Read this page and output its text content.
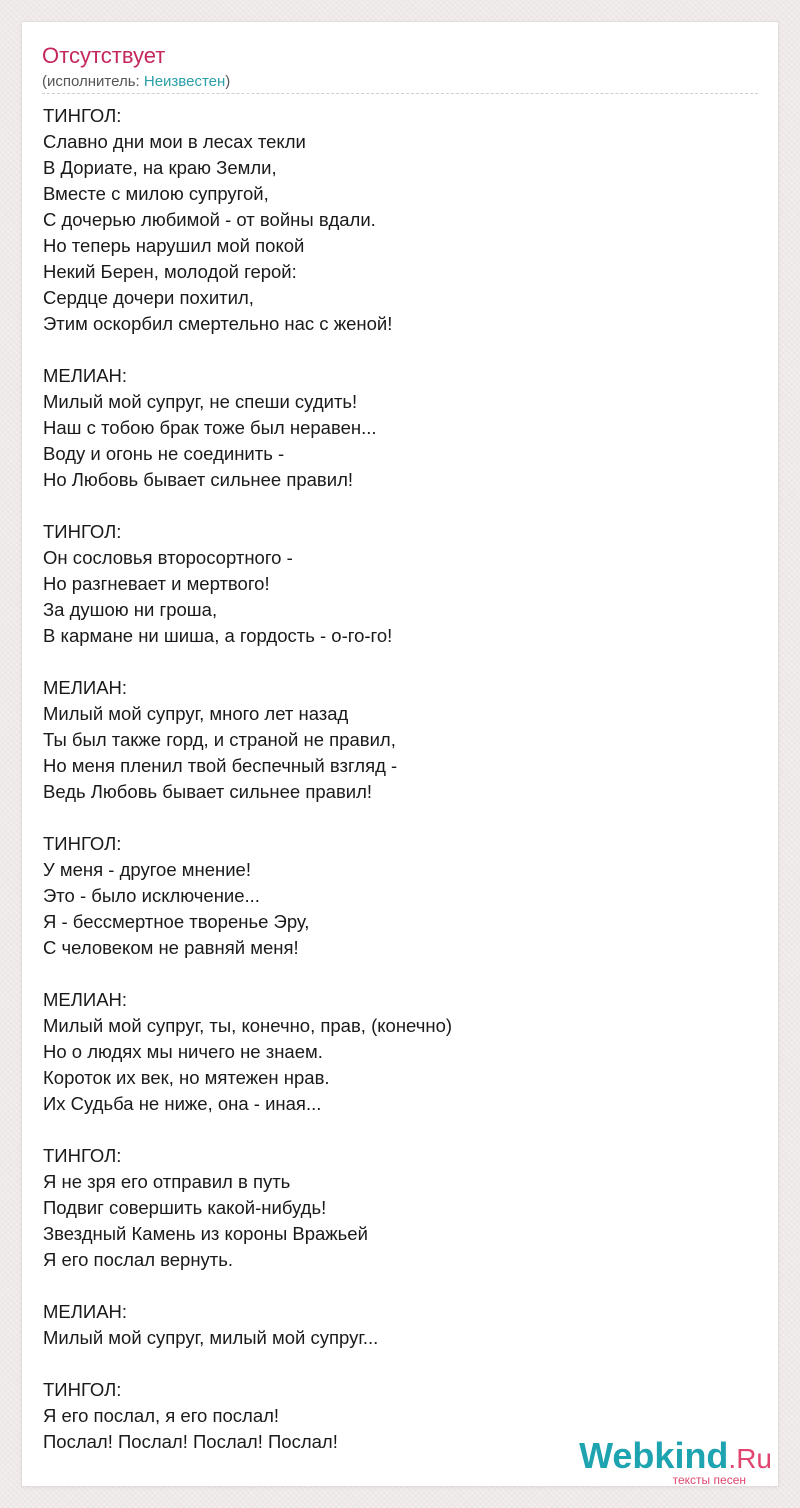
Отсутствует
(исполнитель: Неизвестен)
ТИНГОЛ:
Славно дни мои в лесах текли
В Дориате, на краю Земли,
Вместе с милою супругой,
С дочерью любимой - от войны вдали.
Но теперь нарушил мой покой
Некий Берен, молодой герой:
Сердце дочери похитил,
Этим оскорбил смертельно нас с женой!
МЕЛИАН:
Милый мой супруг, не спеши судить!
Наш с тобою брак тоже был неравен...
Воду и огонь не соединить -
Но Любовь бывает сильнее правил!
ТИНГОЛ:
Он сословья второсортного -
Но разгневает и мертвого!
За душою ни гроша,
В кармане ни шиша, а гордость - о-го-го!
МЕЛИАН:
Милый мой супруг, много лет назад
Ты был также горд, и страной не правил,
Но меня пленил твой беспечный взгляд -
Ведь Любовь бывает сильнее правил!
ТИНГОЛ:
У меня - другое мнение!
Это - было исключение...
Я - бессмертное творенье Эру,
С человеком не равняй меня!
МЕЛИАН:
Милый мой супруг, ты, конечно, прав, (конечно)
Но о людях мы ничего не знаем.
Короток их век, но мятежен нрав.
Их Судьба не ниже, она - иная...
ТИНГОЛ:
Я не зря его отправил в путь
Подвиг совершить какой-нибудь!
Звездный Камень из короны Вражьей
Я его послал вернуть.
МЕЛИАН:
Милый мой супруг, милый мой супруг...
ТИНГОЛ:
Я его послал, я его послал!
Послал! Послал! Послал! Послал!	Webkind.Ru
тексты песен
